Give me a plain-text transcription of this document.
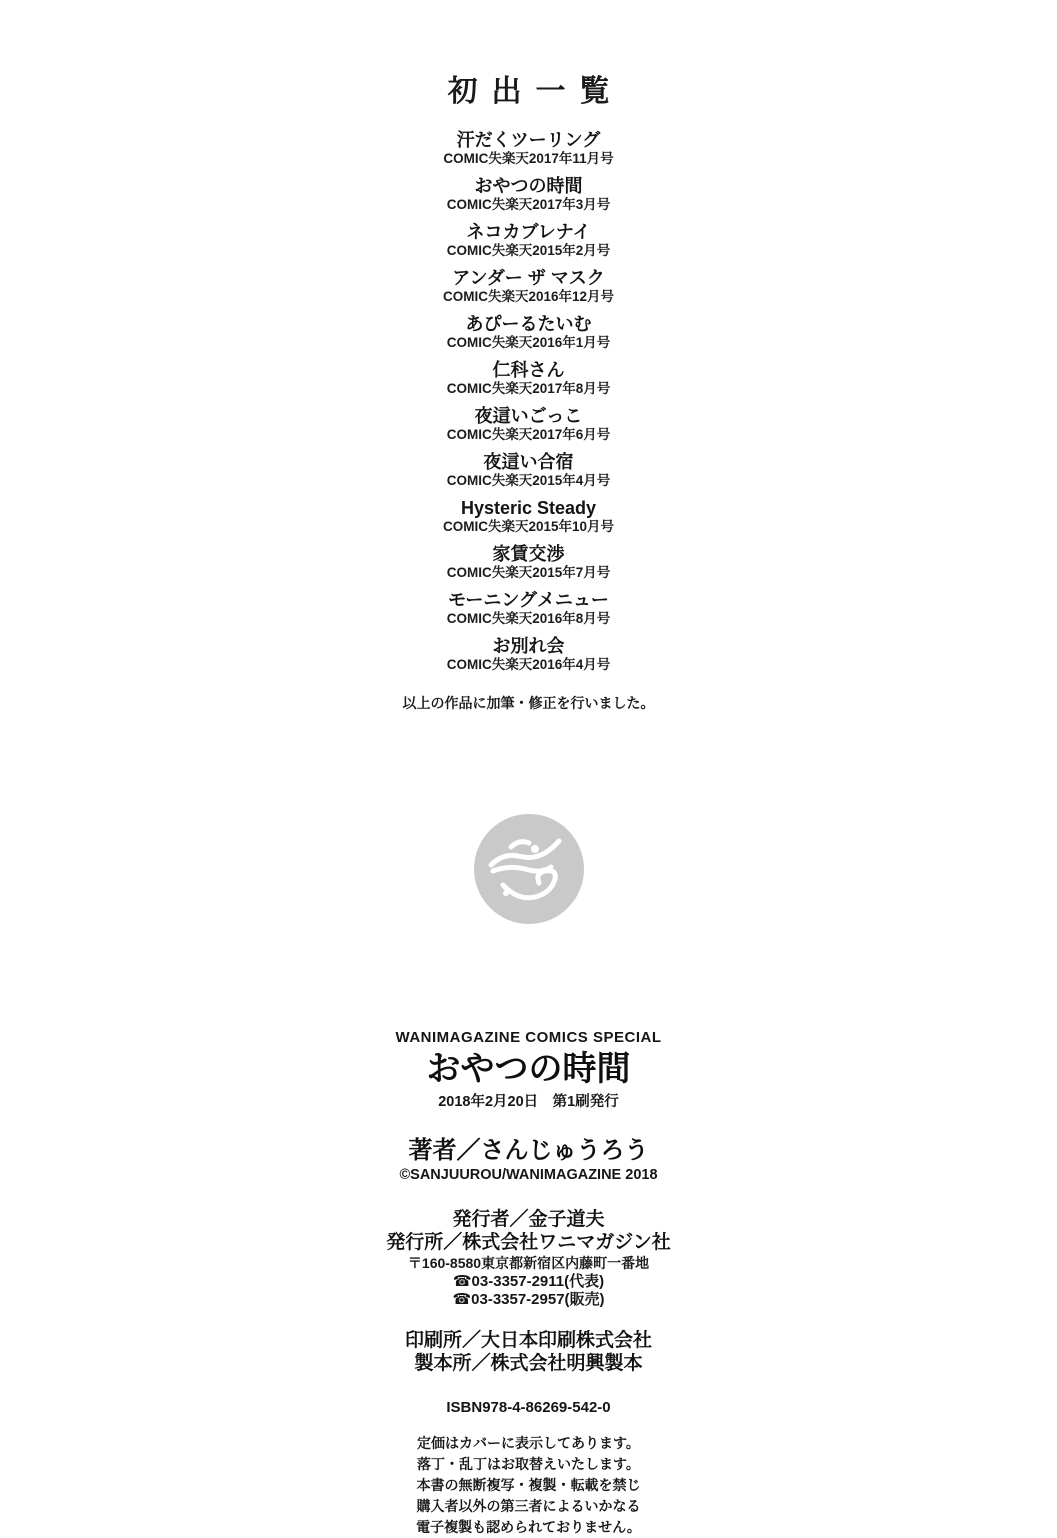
初出一覧
汗だくツーリング
COMIC失楽天2017年11月号
おやつの時間
COMIC失楽天2017年3月号
ネコカブレナイ
COMIC失楽天2015年2月号
アンダー ザ マスク
COMIC失楽天2016年12月号
あぴーるたいむ
COMIC失楽天2016年1月号
仁科さん
COMIC失楽天2017年8月号
夜這いごっこ
COMIC失楽天2017年6月号
夜這い合宿
COMIC失楽天2015年4月号
Hysteric Steady
COMIC失楽天2015年10月号
家賃交渉
COMIC失楽天2015年7月号
モーニングメニュー
COMIC失楽天2016年8月号
お別れ会
COMIC失楽天2016年4月号
以上の作品に加筆・修正を行いました。
WANIMAGAZINE COMICS SPECIAL
おやつの時間
2018年2月20日　第1刷発行
著者／さんじゅうろう
©SANJUUROU/WANIMAGAZINE 2018
発行者／金子道夫
発行所／株式会社ワニマガジン社
〒160-8580東京都新宿区内藤町一番地
☎03-3357-2911(代表)
☎03-3357-2957(販売)
印刷所／大日本印刷株式会社
製本所／株式会社明興製本
ISBN978-4-86269-542-0
定価はカバーに表示してあります。
落丁・乱丁はお取替えいたします。
本書の無断複写・複製・転載を禁じ
購入者以外の第三者によるいかなる
電子複製も認められておりません。
